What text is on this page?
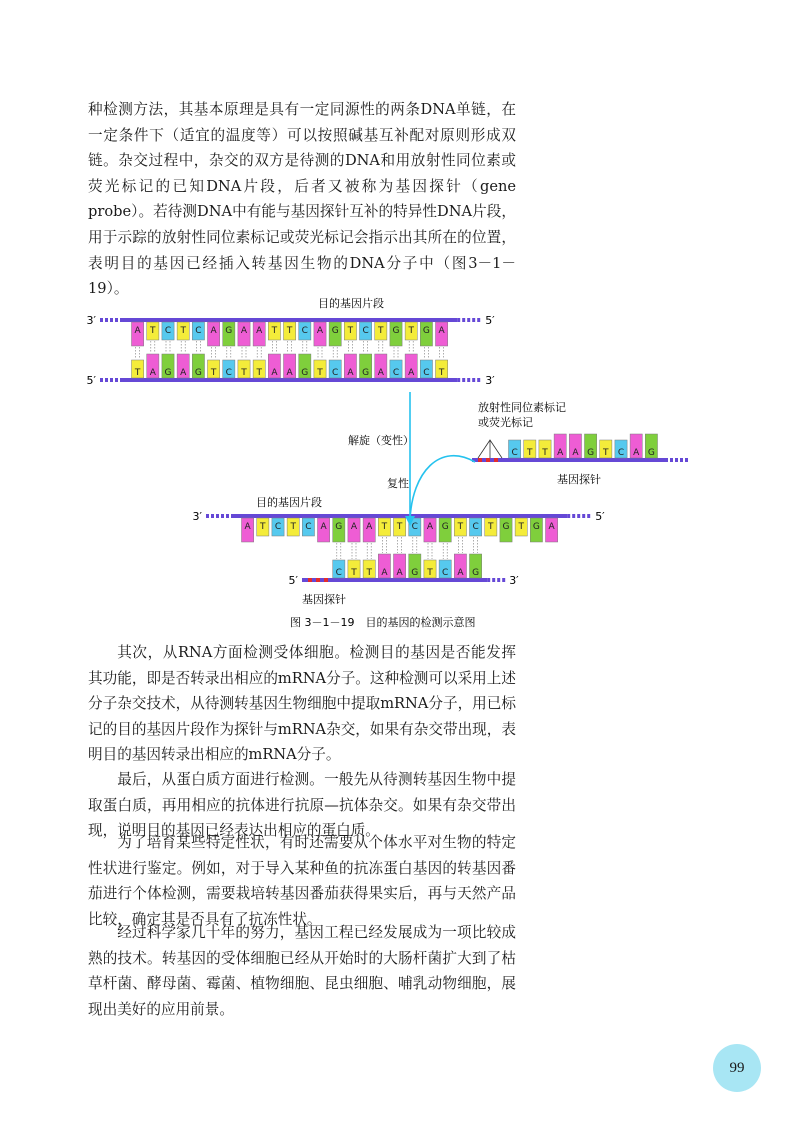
种检测方法，其基本原理是具有一定同源性的两条DNA单链，在一定条件下（适宜的温度等）可以按照碱基互补配对原则形成双链。杂交过程中，杂交的双方是待测的DNA和用放射性同位素或荧光标记的已知DNA片段，后者又被称为基因探针（gene probe）。若待测DNA中有能与基因探针互补的特异性DNA片段，用于示踪的放射性同位素标记或荧光标记会指示出其所在的位置，表明目的基因已经插入转基因生物的DNA分子中（图3－1－19）。

3′	5′
5′	3′
A
T
T
A
C
G
T
A
C
G
A
T
G
C
A
T
A
T
T
A
T
A
C
G
A
T
G
C
T
A
C
G
T
A
G
C
T
A
G
C
A
T
C T T A A G T C A G
3′	5′
A T C T C A G A A T T C A G T C T G T G A
5′	3′
C T T A A G T C A G
目的基因片段
解旋（变性）
复性
放射性同位素标记
或荧光标记
基因探针
目的基因片段
基因探针
图 3－1－19　目的基因的检测示意图

其次，从RNA方面检测受体细胞。检测目的基因是否能发挥其功能，即是否转录出相应的mRNA分子。这种检测可以采用上述分子杂交技术，从待测转基因生物细胞中提取mRNA分子，用已标记的目的基因片段作为探针与mRNA杂交，如果有杂交带出现，表明目的基因转录出相应的mRNA分子。

最后，从蛋白质方面进行检测。一般先从待测转基因生物中提取蛋白质，再用相应的抗体进行抗原—抗体杂交。如果有杂交带出现，说明目的基因已经表达出相应的蛋白质。

为了培育某些特定性状，有时还需要从个体水平对生物的特定性状进行鉴定。例如，对于导入某种鱼的抗冻蛋白基因的转基因番茄进行个体检测，需要栽培转基因番茄获得果实后，再与天然产品比较，确定其是否具有了抗冻性状。

经过科学家几十年的努力，基因工程已经发展成为一项比较成熟的技术。转基因的受体细胞已经从开始时的大肠杆菌扩大到了枯草杆菌、酵母菌、霉菌、植物细胞、昆虫细胞、哺乳动物细胞，展现出美好的应用前景。

99
